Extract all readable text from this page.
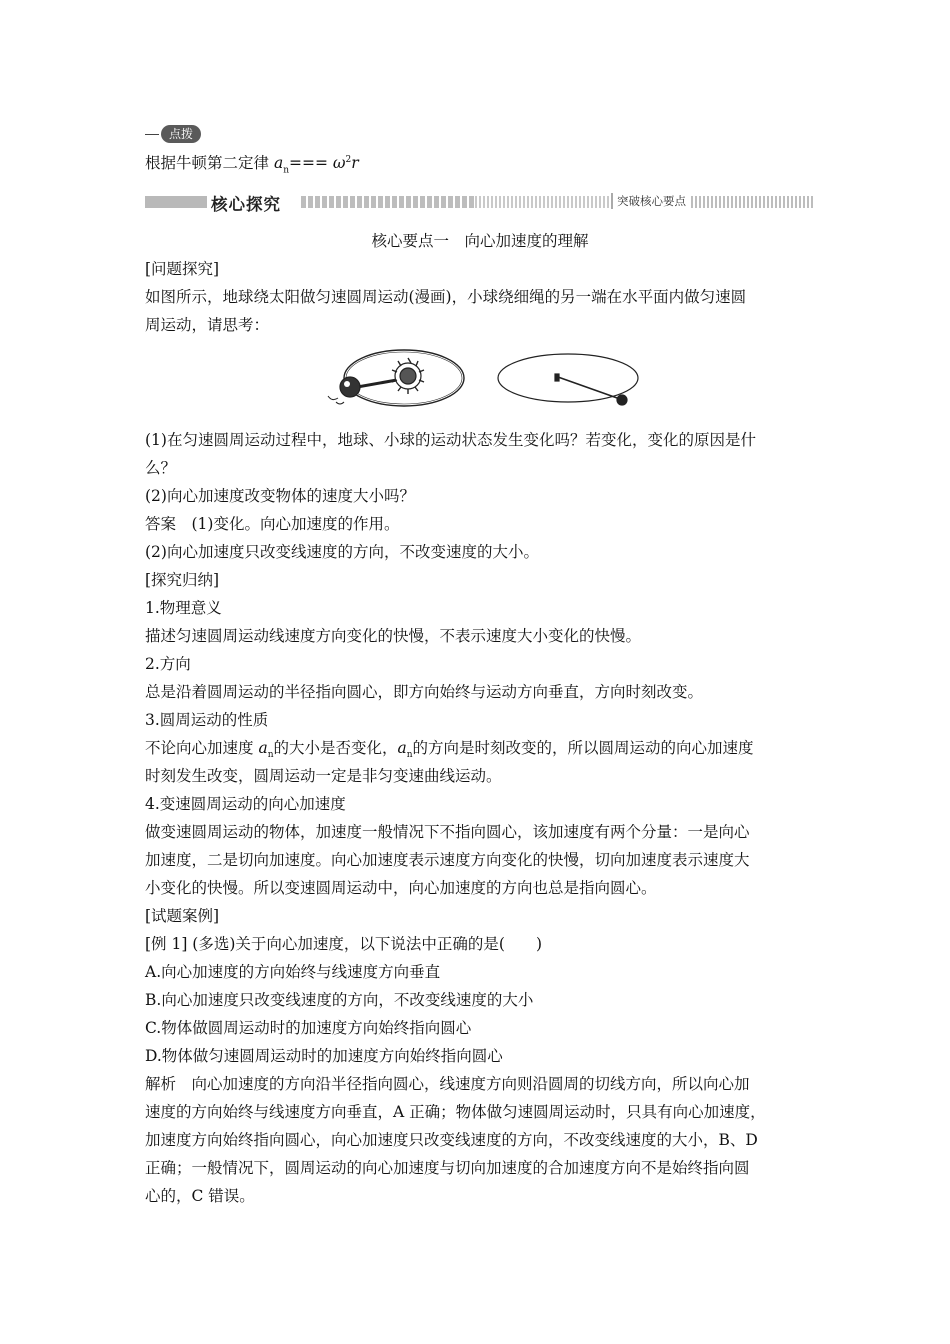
点拨
根据牛顿第二定律 $a_n=== \omega^2r$
核心探究	突破核心要点
核心要点一　向心加速度的理解
[问题探究]
如图所示，地球绕太阳做匀速圆周运动(漫画)，小球绕细绳的另一端在水平面内做匀速圆
周运动，请思考：
(1)在匀速圆周运动过程中，地球、小球的运动状态发生变化吗？若变化，变化的原因是什
么？
(2)向心加速度改变物体的速度大小吗？
答案　(1)变化。向心加速度的作用。
(2)向心加速度只改变线速度的方向，不改变速度的大小。
[探究归纳]
1.物理意义
描述匀速圆周运动线速度方向变化的快慢，不表示速度大小变化的快慢。
2.方向
总是沿着圆周运动的半径指向圆心，即方向始终与运动方向垂直，方向时刻改变。
3.圆周运动的性质
不论向心加速度 $a_n$的大小是否变化，$a_n$的方向是时刻改变的，所以圆周运动的向心加速度
时刻发生改变，圆周运动一定是非匀变速曲线运动。
4.变速圆周运动的向心加速度
做变速圆周运动的物体，加速度一般情况下不指向圆心，该加速度有两个分量：一是向心
加速度，二是切向加速度。向心加速度表示速度方向变化的快慢，切向加速度表示速度大
小变化的快慢。所以变速圆周运动中，向心加速度的方向也总是指向圆心。
[试题案例]
[例 1] (多选)关于向心加速度，以下说法中正确的是(　　)
A.向心加速度的方向始终与线速度方向垂直
B.向心加速度只改变线速度的方向，不改变线速度的大小
C.物体做圆周运动时的加速度方向始终指向圆心
D.物体做匀速圆周运动时的加速度方向始终指向圆心
解析　向心加速度的方向沿半径指向圆心，线速度方向则沿圆周的切线方向，所以向心加
速度的方向始终与线速度方向垂直，A 正确；物体做匀速圆周运动时，只具有向心加速度，
加速度方向始终指向圆心，向心加速度只改变线速度的方向，不改变线速度的大小，B、D
正确；一般情况下，圆周运动的向心加速度与切向加速度的合加速度方向不是始终指向圆
心的，C 错误。
